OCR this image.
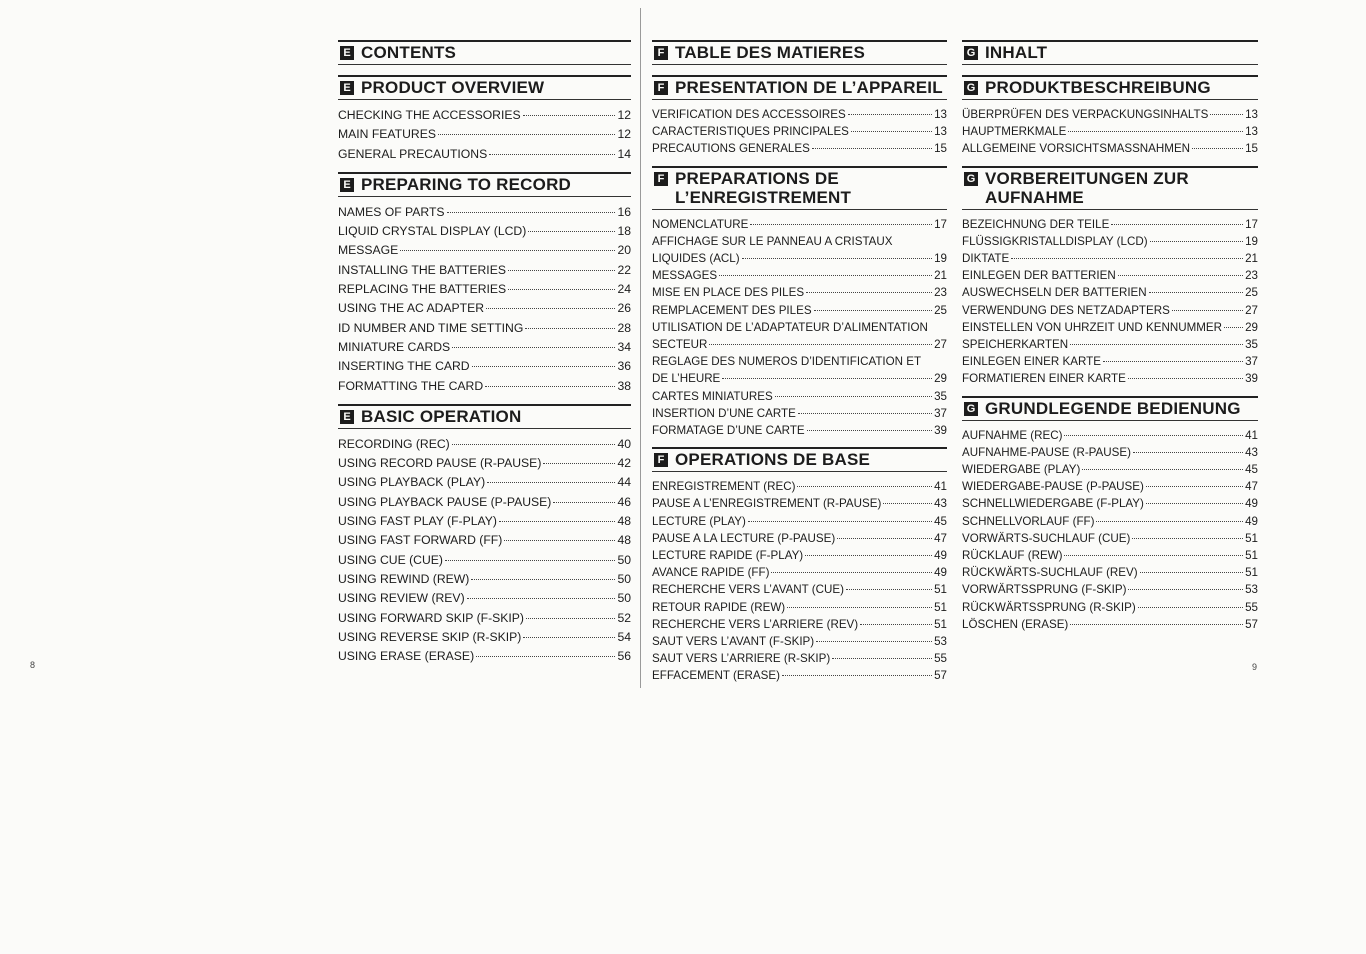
E CONTENTS
E PRODUCT OVERVIEW
CHECKING THE ACCESSORIES	12
MAIN FEATURES	12
GENERAL PRECAUTIONS	14
E PREPARING TO RECORD
NAMES OF PARTS	16
LIQUID CRYSTAL DISPLAY (LCD)	18
MESSAGE	20
INSTALLING THE BATTERIES	22
REPLACING THE BATTERIES	24
USING THE AC ADAPTER	26
ID NUMBER AND TIME SETTING	28
MINIATURE CARDS	34
INSERTING THE CARD	36
FORMATTING THE CARD	38
E BASIC OPERATION
RECORDING (REC)	40
USING RECORD PAUSE (R-PAUSE)	42
USING PLAYBACK (PLAY)	44
USING PLAYBACK PAUSE (P-PAUSE)	46
USING FAST PLAY (F-PLAY)	48
USING FAST FORWARD (FF)	48
USING CUE (CUE)	50
USING REWIND (REW)	50
USING REVIEW (REV)	50
USING FORWARD SKIP (F-SKIP)	52
USING REVERSE SKIP (R-SKIP)	54
USING ERASE (ERASE)	56
F TABLE DES MATIERES
F PRESENTATION DE L’APPAREIL
VERIFICATION DES ACCESSOIRES	13
CARACTERISTIQUES PRINCIPALES	13
PRECAUTIONS GENERALES	15
F PREPARATIONS DE
L’ENREGISTREMENT
NOMENCLATURE	17
AFFICHAGE SUR LE PANNEAU A CRISTAUX
LIQUIDES (ACL)	19
MESSAGES	21
MISE EN PLACE DES PILES	23
REMPLACEMENT DES PILES	25
UTILISATION DE L’ADAPTATEUR D’ALIMENTATION
SECTEUR	27
REGLAGE DES NUMEROS D’IDENTIFICATION ET
DE L’HEURE	29
CARTES MINIATURES	35
INSERTION D’UNE CARTE	37
FORMATAGE D’UNE CARTE	39
F OPERATIONS DE BASE
ENREGISTREMENT (REC)	41
PAUSE A L’ENREGISTREMENT (R-PAUSE)	43
LECTURE (PLAY)	45
PAUSE A LA LECTURE (P-PAUSE)	47
LECTURE RAPIDE (F-PLAY)	49
AVANCE RAPIDE (FF)	49
RECHERCHE VERS L’AVANT (CUE)	51
RETOUR RAPIDE (REW)	51
RECHERCHE VERS L’ARRIERE (REV)	51
SAUT VERS L’AVANT (F-SKIP)	53
SAUT VERS L’ARRIERE (R-SKIP)	55
EFFACEMENT (ERASE)	57
G INHALT
G PRODUKTBESCHREIBUNG
ÜBERPRÜFEN DES VERPACKUNGSINHALTS	13
HAUPTMERKMALE	13
ALLGEMEINE VORSICHTSMASSNAHMEN	15
G VORBEREITUNGEN ZUR
AUFNAHME
BEZEICHNUNG DER TEILE	17
FLÜSSIGKRISTALLDISPLAY (LCD)	19
DIKTATE	21
EINLEGEN DER BATTERIEN	23
AUSWECHSELN DER BATTERIEN	25
VERWENDUNG DES NETZADAPTERS	27
EINSTELLEN VON UHRZEIT UND KENNUMMER 29
SPEICHERKARTEN	35
EINLEGEN EINER KARTE	37
FORMATIEREN EINER KARTE	39
G GRUNDLEGENDE BEDIENUNG
AUFNAHME (REC)	41
AUFNAHME-PAUSE (R-PAUSE)	43
WIEDERGABE (PLAY)	45
WIEDERGABE-PAUSE (P-PAUSE)	47
SCHNELLWIEDERGABE (F-PLAY)	49
SCHNELLVORLAUF (FF)	49
VORWÄRTS-SUCHLAUF (CUE)	51
RÜCKLAUF (REW)	51
RÜCKWÄRTS-SUCHLAUF (REV)	51
VORWÄRTSSPRUNG (F-SKIP)	53
RÜCKWÄRTSSPRUNG (R-SKIP)	55
LÖSCHEN (ERASE)	57
8	9
